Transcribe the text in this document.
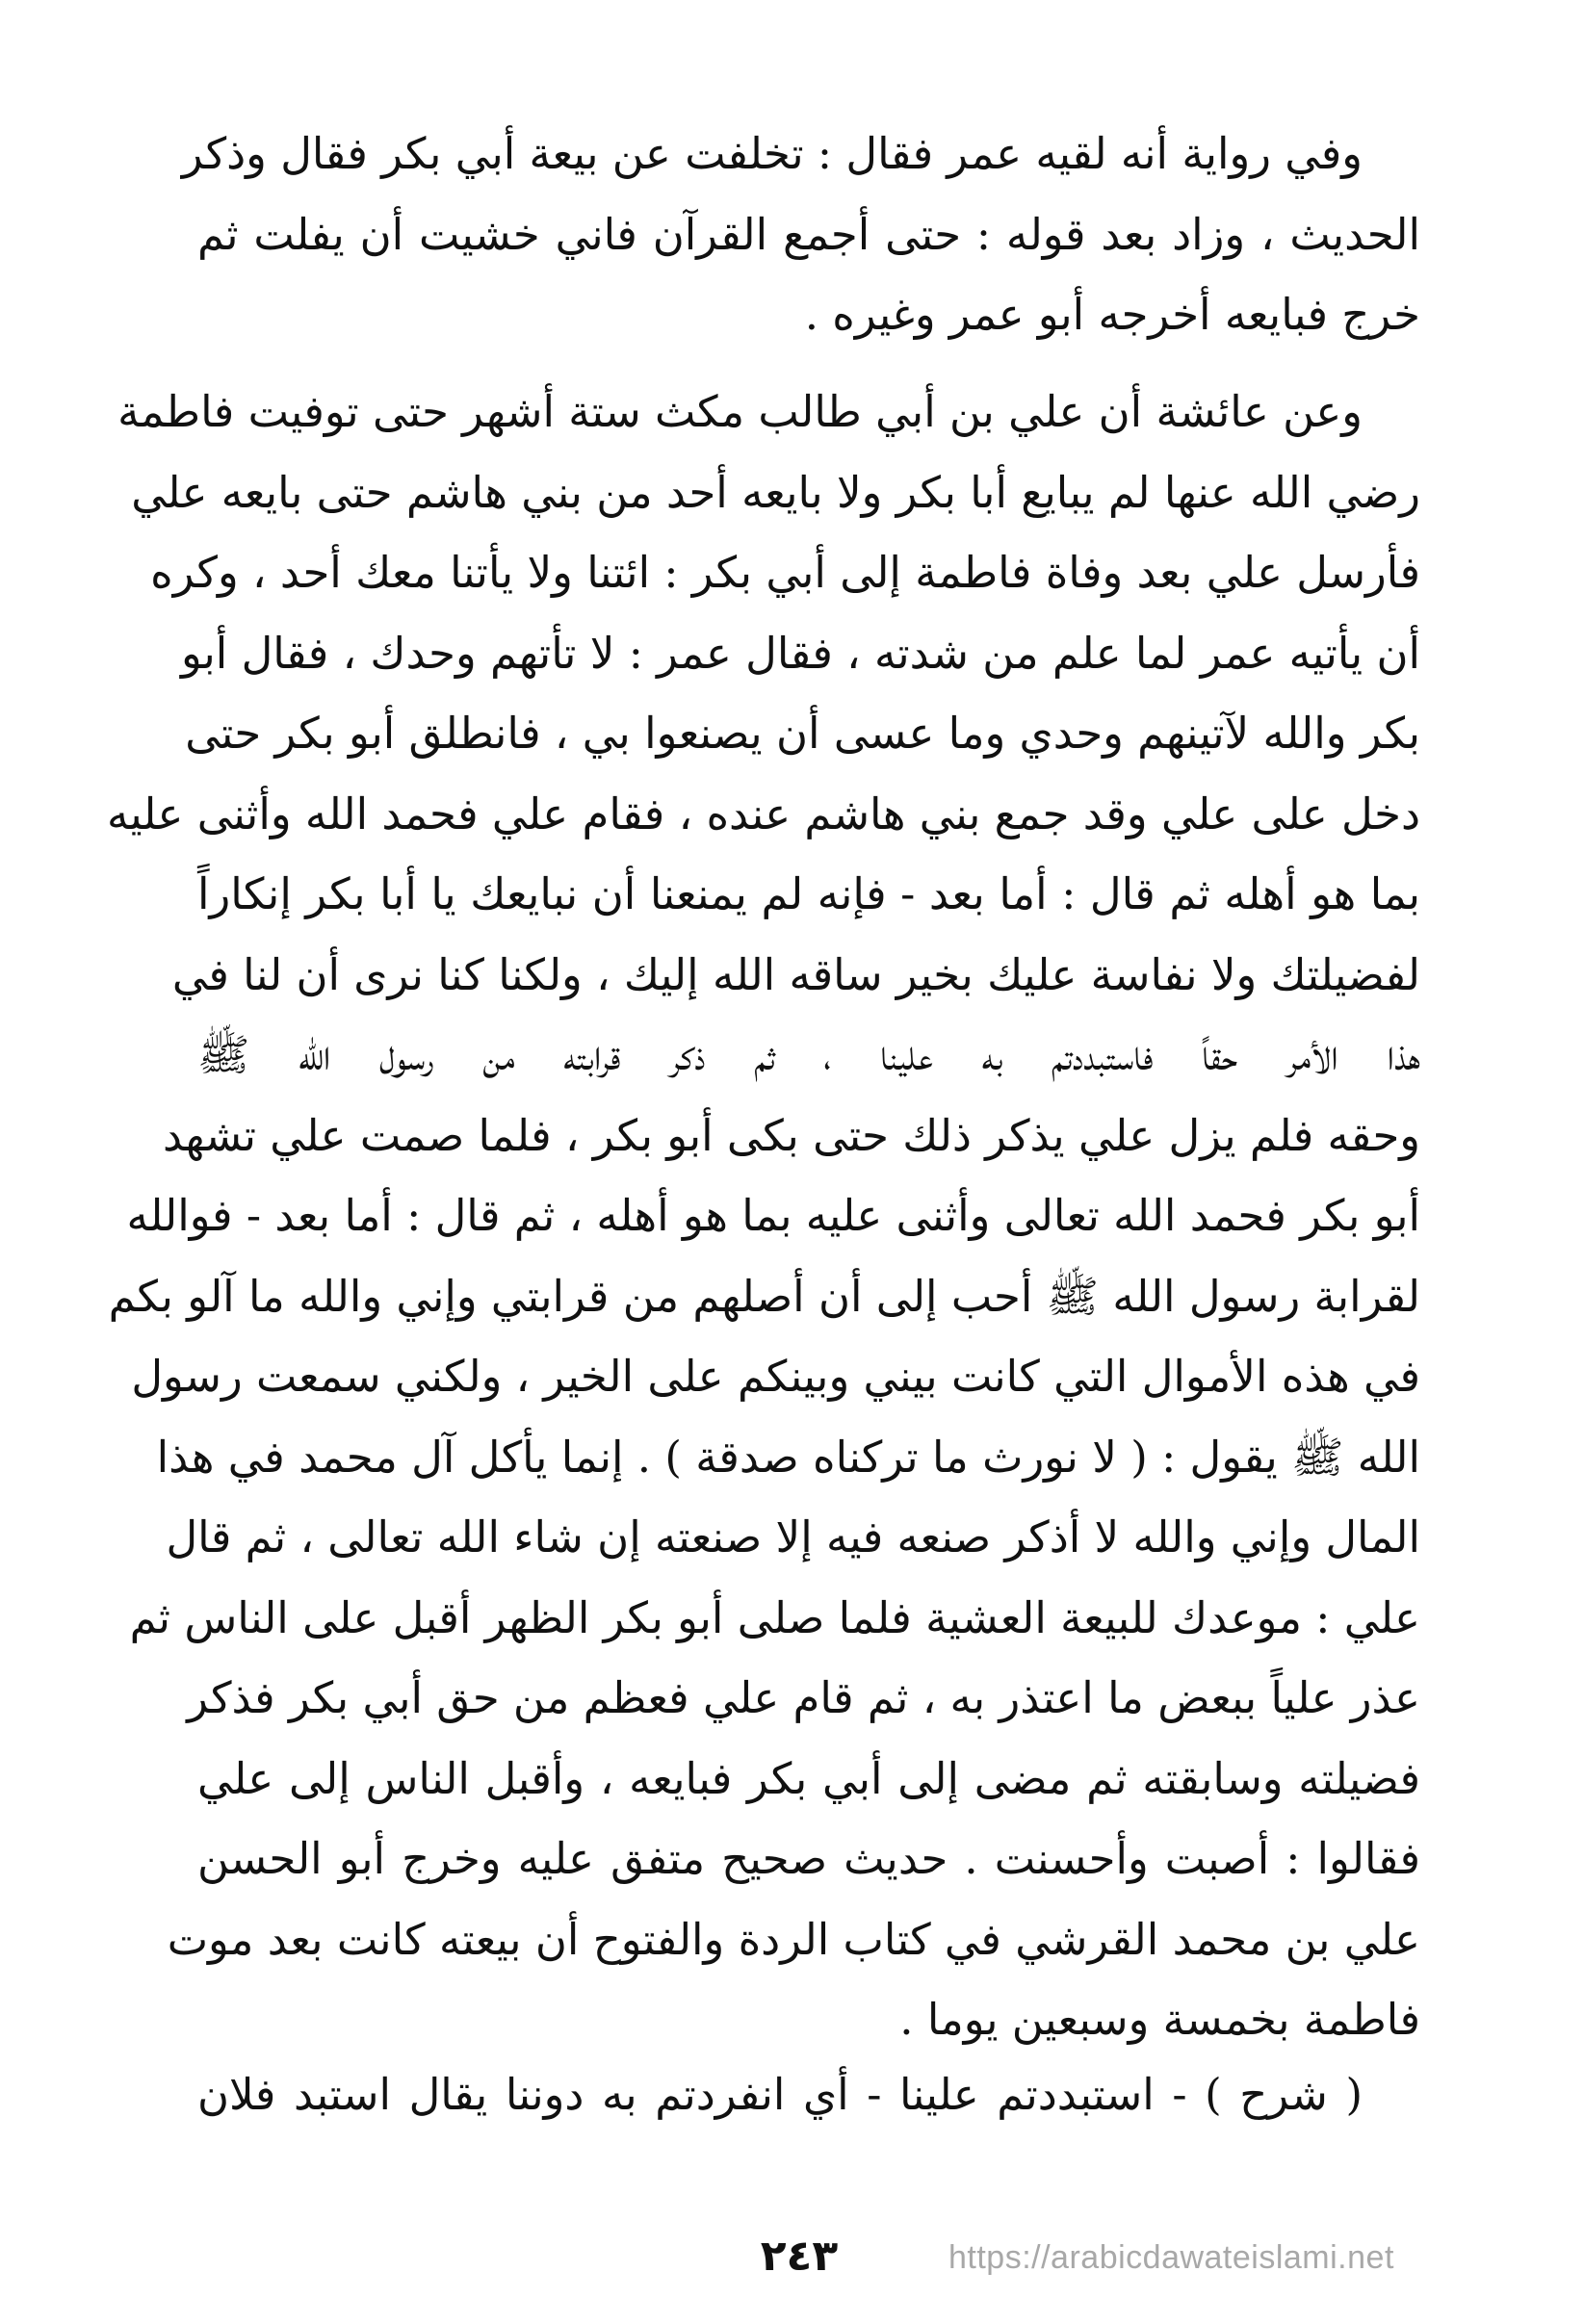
وفي رواية أنه لقيه عمر فقال : تخلفت عن بيعة أبي بكر فقال وذكر
الحديث ، وزاد بعد قوله : حتى أجمع القرآن فاني خشيت أن يفلت ثم
خرج فبايعه أخرجه أبو عمر وغيره .
وعن عائشة أن علي بن أبي طالب مكث ستة أشهر حتى توفيت فاطمة
رضي الله عنها لم يبايع أبا بكر ولا بايعه أحد من بني هاشم حتى بايعه علي
فأرسل علي بعد وفاة فاطمة إلى أبي بكر : ائتنا ولا يأتنا معك أحد ، وكره
أن يأتيه عمر لما علم من شدته ، فقال عمر : لا تأتهم وحدك ، فقال أبو
بكر والله لآتينهم وحدي وما عسى أن يصنعوا بي ، فانطلق أبو بكر حتى
دخل على علي وقد جمع بني هاشم عنده ، فقام علي فحمد الله وأثنى عليه
بما هو أهله ثم قال : أما بعد - فإنه لم يمنعنا أن نبايعك يا أبا بكر إنكاراً
لفضيلتك ولا نفاسة عليك بخير ساقه الله إليك ، ولكنا كنا نرى أن لنا في
هذا الأمر حقاً فاستبددتم به علينا ، ثم ذكر قرابته من رسول الله ﷺ
وحقه فلم يزل علي يذكر ذلك حتى بكى أبو بكر ، فلما صمت علي تشهد
أبو بكر فحمد الله تعالى وأثنى عليه بما هو أهله ، ثم قال : أما بعد - فوالله
لقرابة رسول الله ﷺ أحب إلى أن أصلهم من قرابتي وإني والله ما آلو بكم
في هذه الأموال التي كانت بيني وبينكم على الخير ، ولكني سمعت رسول
الله ﷺ يقول : ( لا نورث ما تركناه صدقة ) . إنما يأكل آل محمد في هذا
المال وإني والله لا أذكر صنعه فيه إلا صنعته إن شاء الله تعالى ، ثم قال
علي : موعدك للبيعة العشية فلما صلى أبو بكر الظهر أقبل على الناس ثم
عذر علياً ببعض ما اعتذر به ، ثم قام علي فعظم من حق أبي بكر فذكر
فضيلته وسابقته ثم مضى إلى أبي بكر فبايعه ، وأقبل الناس إلى علي
فقالوا : أصبت وأحسنت . حديث صحيح متفق عليه وخرج أبو الحسن
علي بن محمد القرشي في كتاب الردة والفتوح أن بيعته كانت بعد موت
فاطمة بخمسة وسبعين يوما .
( شرح ) - استبددتم علينا - أي انفردتم به دوننا يقال استبد فلان
٢٤٣	https://arabicdawateislami.net
